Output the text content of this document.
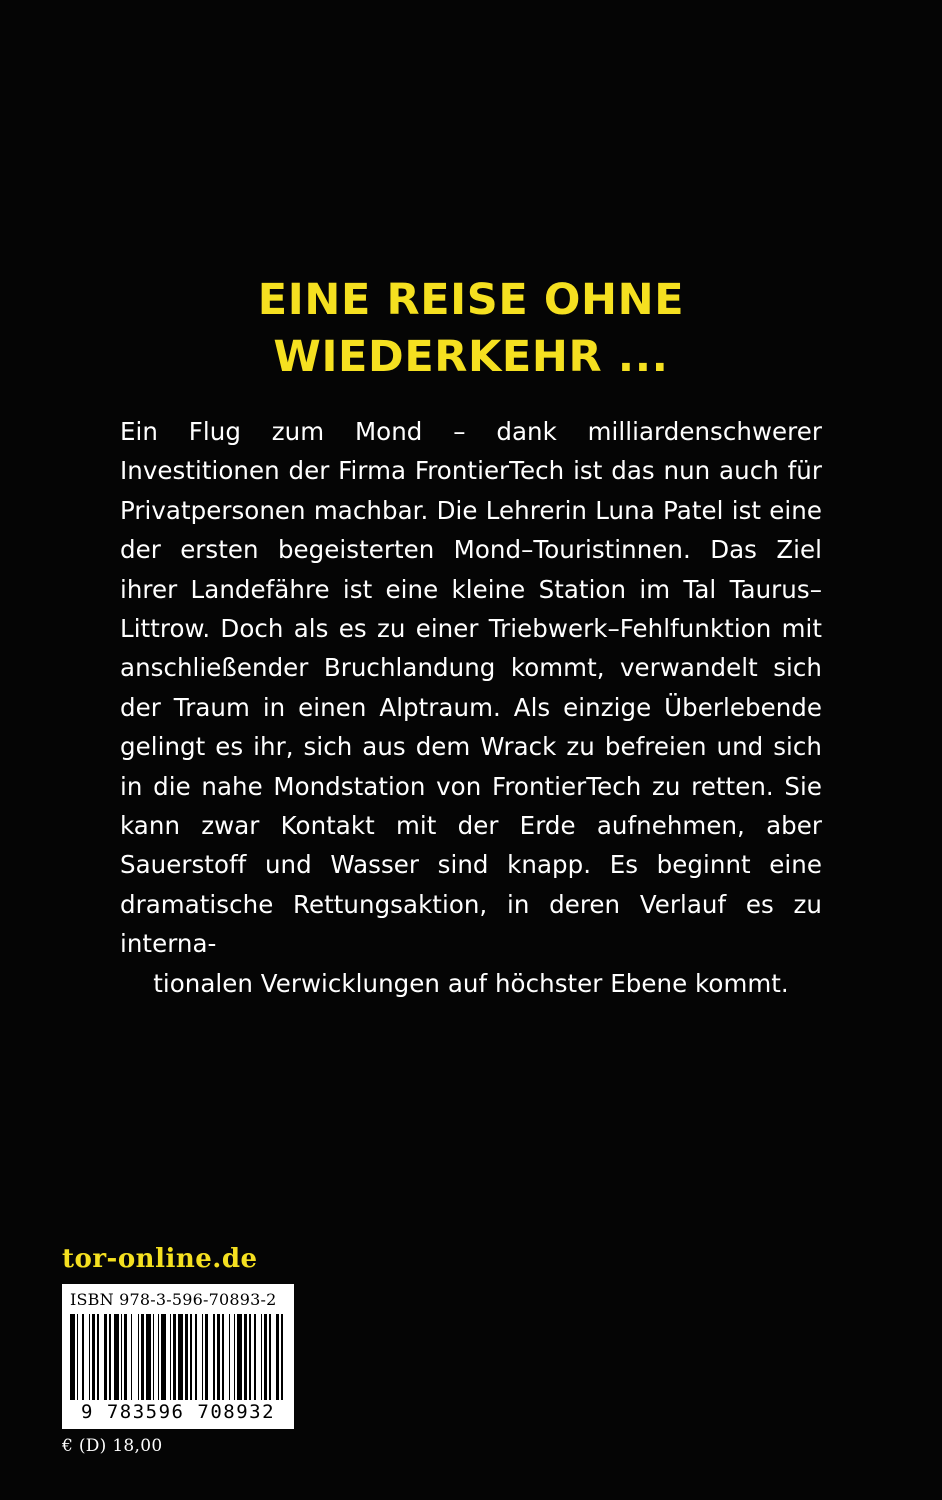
EINE REISE OHNE
WIEDERKEHR ...

Ein Flug zum Mond – dank milliardenschwerer Investitionen der Firma FrontierTech ist das nun auch für Privatpersonen machbar. Die Lehrerin Luna Patel ist eine der ersten begeisterten Mond–Touristinnen. Das Ziel ihrer Landefähre ist eine kleine Station im Tal Taurus–Littrow. Doch als es zu einer Triebwerk–Fehlfunktion mit anschließender Bruchlandung kommt, verwandelt sich der Traum in einen Alptraum. Als einzige Überlebende gelingt es ihr, sich aus dem Wrack zu befreien und sich in die nahe Mondstation von FrontierTech zu retten. Sie kann zwar Kontakt mit der Erde aufnehmen, aber Sauerstoff und Wasser sind knapp. Es beginnt eine dramatische Rettungsaktion, in deren Verlauf es zu interna-

tionalen Verwicklungen auf höchster Ebene kommt.
tor-online.de
ISBN 978-3-596-70893-2
9 783596 708932
€ (D) 18,00
